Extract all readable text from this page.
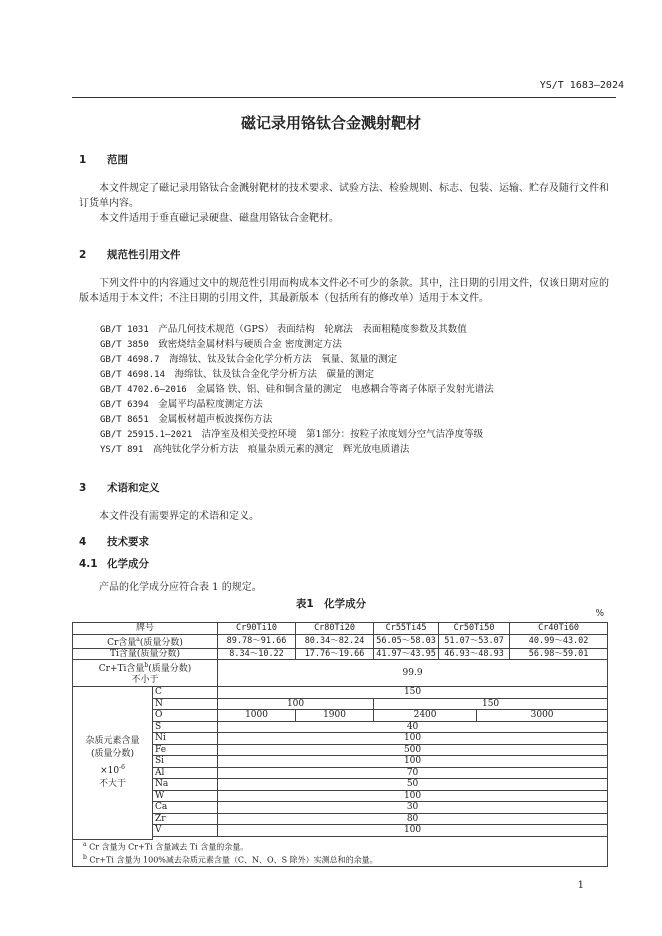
YS/T 1683—2024
磁记录用铬钛合金溅射靶材
1 范围
本文件规定了磁记录用铬钛合金溅射靶材的技术要求、试验方法、检验规则、标志、包装、运输、贮存及随行文件和订货单内容。
本文件适用于垂直磁记录硬盘、磁盘用铬钛合金靶材。
2 规范性引用文件
下列文件中的内容通过文中的规范性引用而构成本文件必不可少的条款。其中，注日期的引用文件，仅该日期对应的版本适用于本文件；不注日期的引用文件，其最新版本（包括所有的修改单）适用于本文件。
GB/T 1031　 产品几何技术规范（GPS） 表面结构　轮廓法　表面粗糙度参数及其数值
GB/T 3850　 致密烧结金属材料与硬质合金 密度测定方法
GB/T 4698.7　 海绵钛、钛及钛合金化学分析方法　氧量、氮量的测定
GB/T 4698.14　 海绵钛、钛及钛合金化学分析方法　碳量的测定
GB/T 4702.6—2016　 金属铬 铁、铝、硅和铜含量的测定　电感耦合等离子体原子发射光谱法
GB/T 6394　 金属平均晶粒度测定方法
GB/T 8651　 金属板材超声板波探伤方法
GB/T 25915.1—2021　 洁净室及相关受控环境　第1部分：按粒子浓度划分空气洁净度等级
YS/T 891　 高纯钛化学分析方法　痕量杂质元素的测定　辉光放电质谱法
3 术语和定义
本文件没有需要界定的术语和定义。
4 技术要求
4.1 化学成分
产品的化学成分应符合表 1 的规定。
表1　化学成分
%
牌号		Cr90Ti10	Cr80Ti20	Cr55Ti45	Cr50Ti50		Cr40Ti60
Cr含量$^a$(质量分数)		89.78～91.66	80.34～82.24	56.05～58.03	51.07～53.07		40.99～43.02
Ti含量(质量分数)		8.34～10.22	17.76～19.66	41.97～43.95	46.93～48.93		56.98～59.01
Cr+Ti含量$^b$(质量分数)
不小于		99.9					
杂质元素含量
(质量分数)
$\times 10^{-6}$
不大于	C	150					
	N	100		150			
	O	1000	1900	2400		3000	
	S	40					
	Ni	100					
	Fe	500					
	Si	100					
	Al	70					
	Na	50					
	W	100					
	Ca	30					
	Zr	80					
	V	100					

$^a$ Cr 含量为 Cr+Ti 含量减去 Ti 含量的余量。							
$^b$ Cr+Ti 含量为 100%减去杂质元素含量（C、N、O、S 除外）实测总和的余量。							
1
